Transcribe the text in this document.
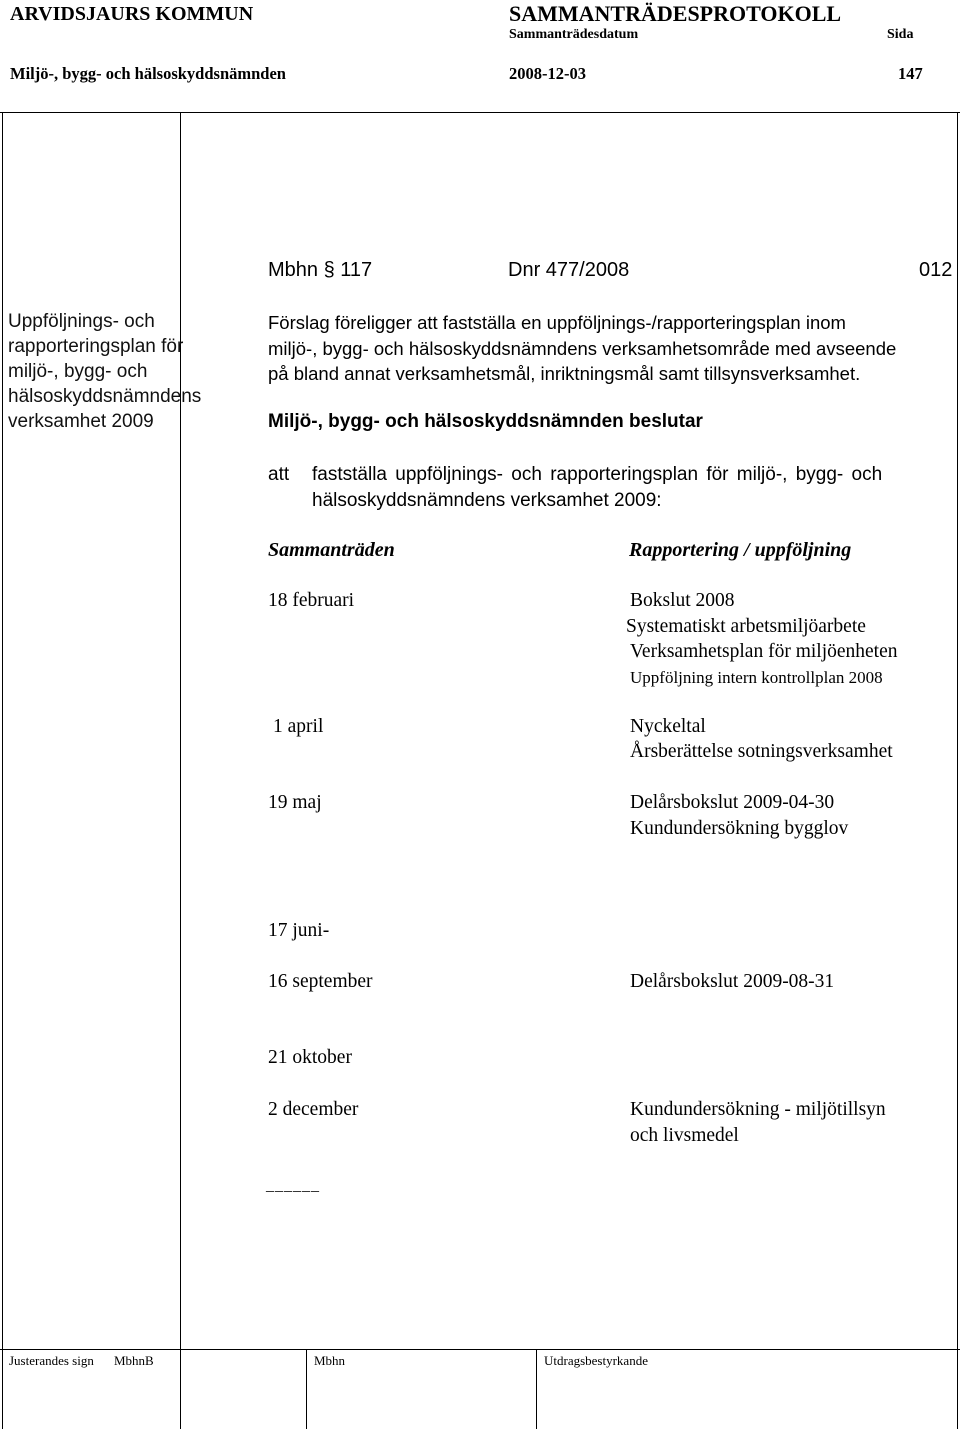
ARVIDSJAURS KOMMUN	SAMMANTRÄDESPROTOKOLL
Sammanträdesdatum	Sida
Miljö-, bygg- och hälsoskyddsnämnden	2008-12-03	147
Mbhn § 117	Dnr 477/2008	012
Uppföljnings- och
rapporteringsplan för
miljö-, bygg- och
hälsoskyddsnämndens
verksamhet 2009
Förslag föreligger att fastställa en uppföljnings-/rapporteringsplan inom
miljö-, bygg- och hälsoskyddsnämndens verksamhetsområde med avseende
på bland annat verksamhetsmål, inriktningsmål samt tillsynsverksamhet.
Miljö-, bygg- och hälsoskyddsnämnden beslutar
att fastställa uppföljnings- och rapporteringsplan för miljö-, bygg- och
hälsoskyddsnämndens verksamhet 2009:
Sammanträden	Rapportering / uppföljning
18 februari	Bokslut 2008
Systematiskt arbetsmiljöarbete
Verksamhetsplan för miljöenheten
Uppföljning intern kontrollplan 2008
1 april	Nyckeltal
Årsberättelse sotningsverksamhet
19 maj	Delårsbokslut 2009-04-30
Kundundersökning bygglov
17 juni-
16 september	Delårsbokslut 2009-08-31
21 oktober
2 december	Kundundersökning - miljötillsyn
och livsmedel
______
Justerandes sign MbhnB	Mbhn	Utdragsbestyrkande
